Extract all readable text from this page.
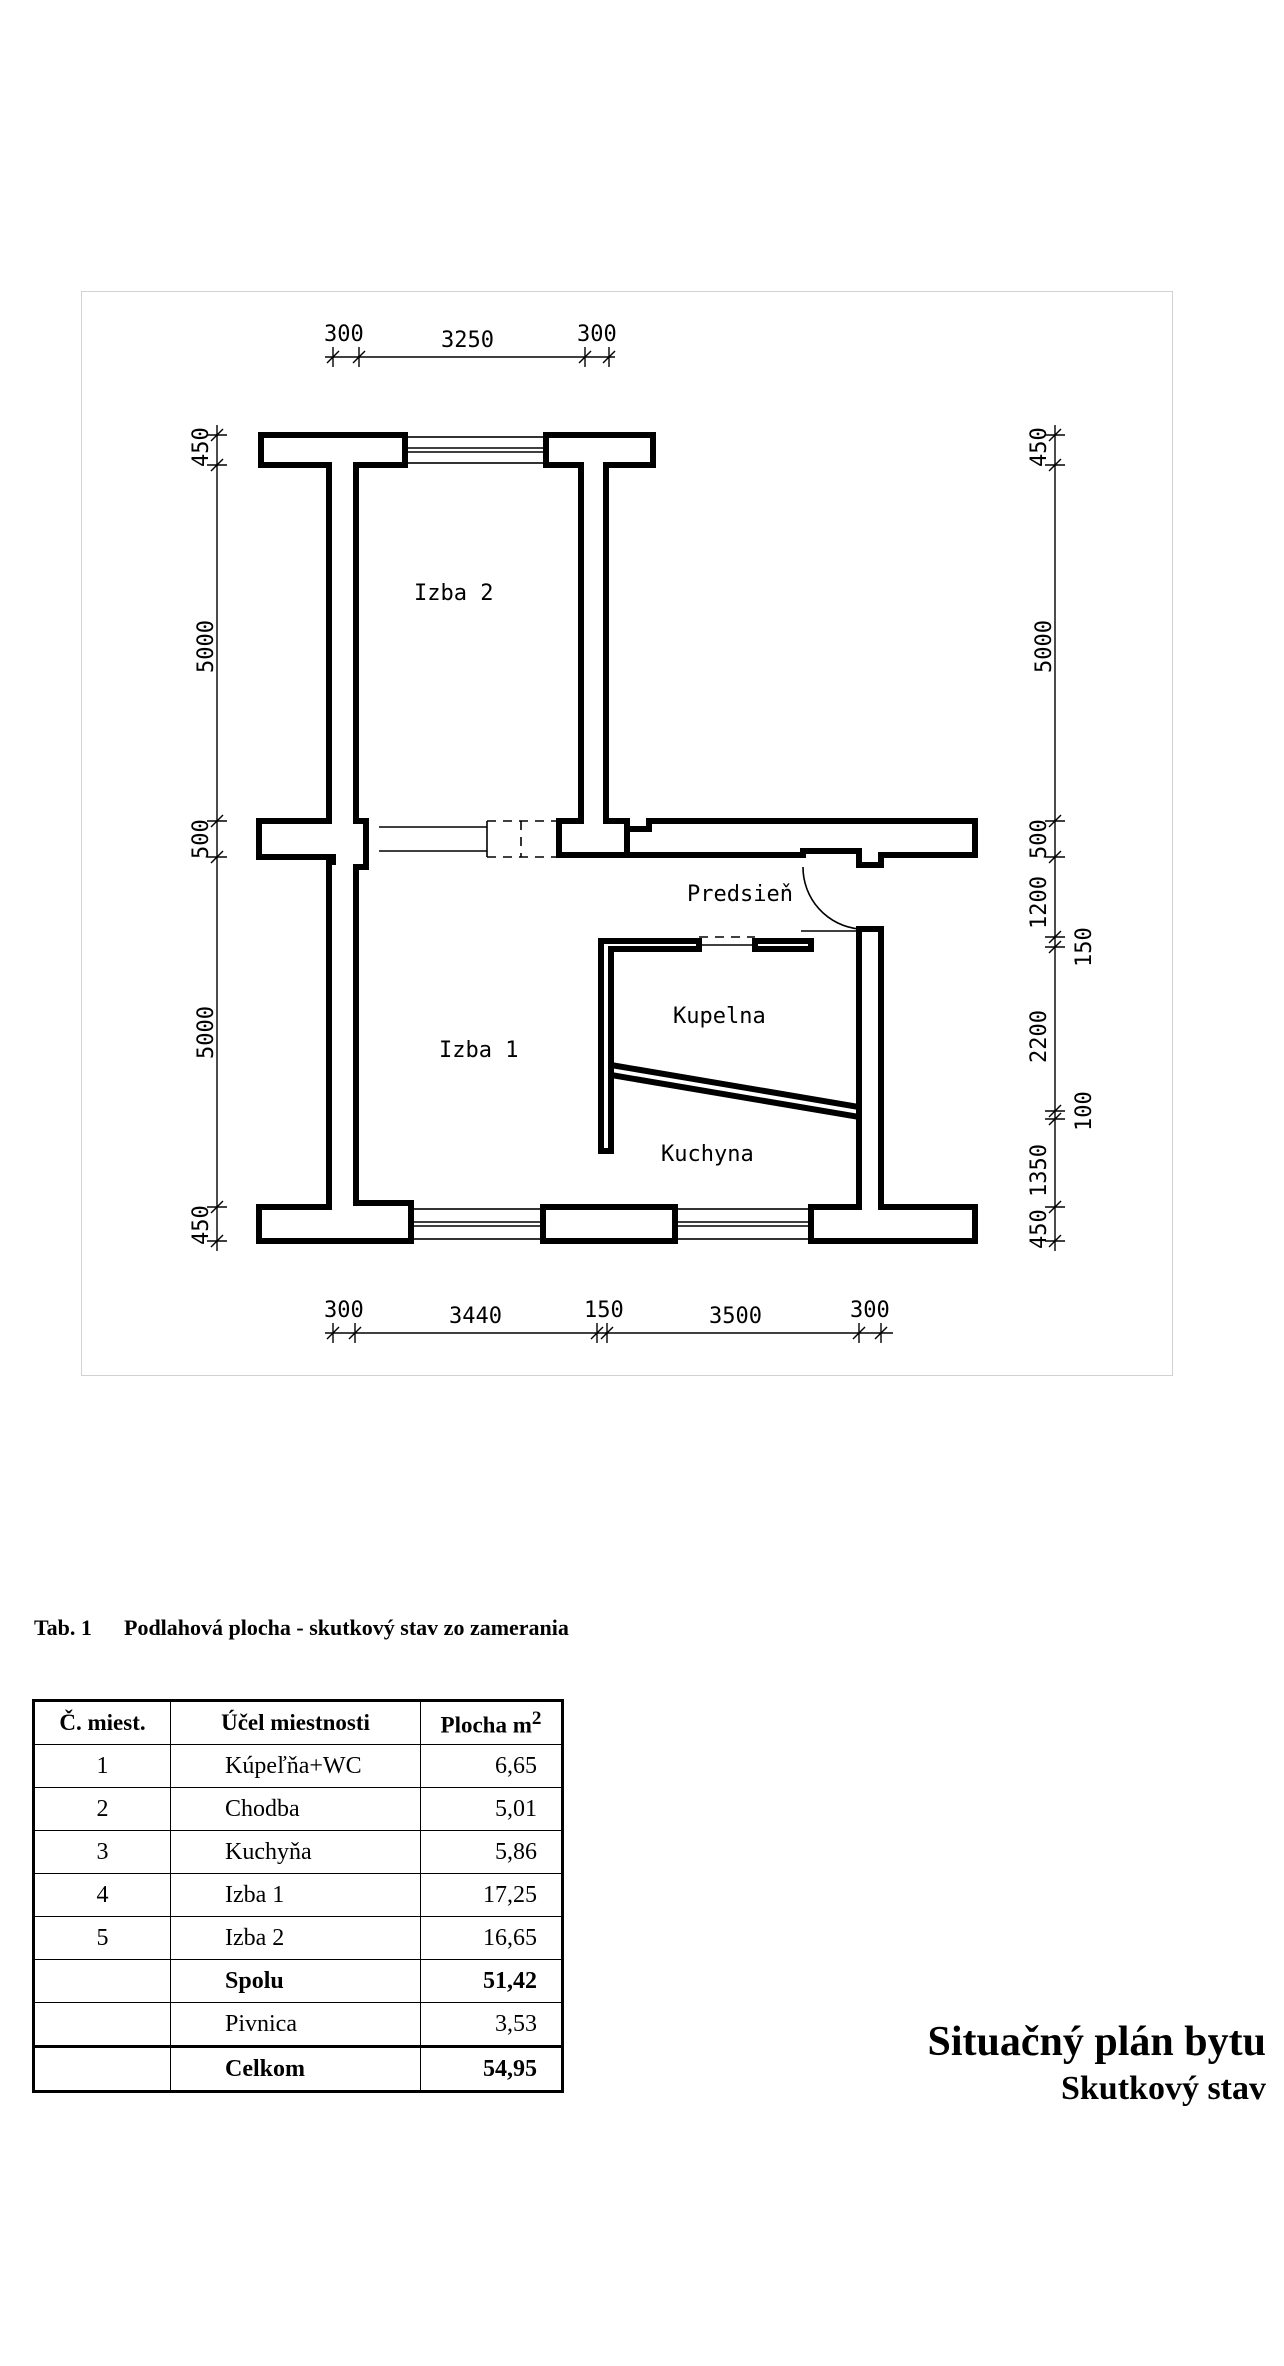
Izba 2
Izba 1
Predsieň
Kupelna
Kuchyna
300	3250	300
300	3440	150	3500	300
450
5000
500
5000
450
450
5000
500
1200
150
2200
100
1350
450
Tab. 1 Podlahová plocha - skutkový stav zo zamerania
Č. miest.	Účel miestnosti	Plocha $m^2$
1	Kúpeľňa+WC	6,65
2	Chodba	5,01
3	Kuchyňa	5,86
4	Izba 1	17,25
5	Izba 2	16,65
	Spolu	51,42
	Pivnica	3,53
	Celkom	54,95
Situačný plán bytu
Skutkový stav
